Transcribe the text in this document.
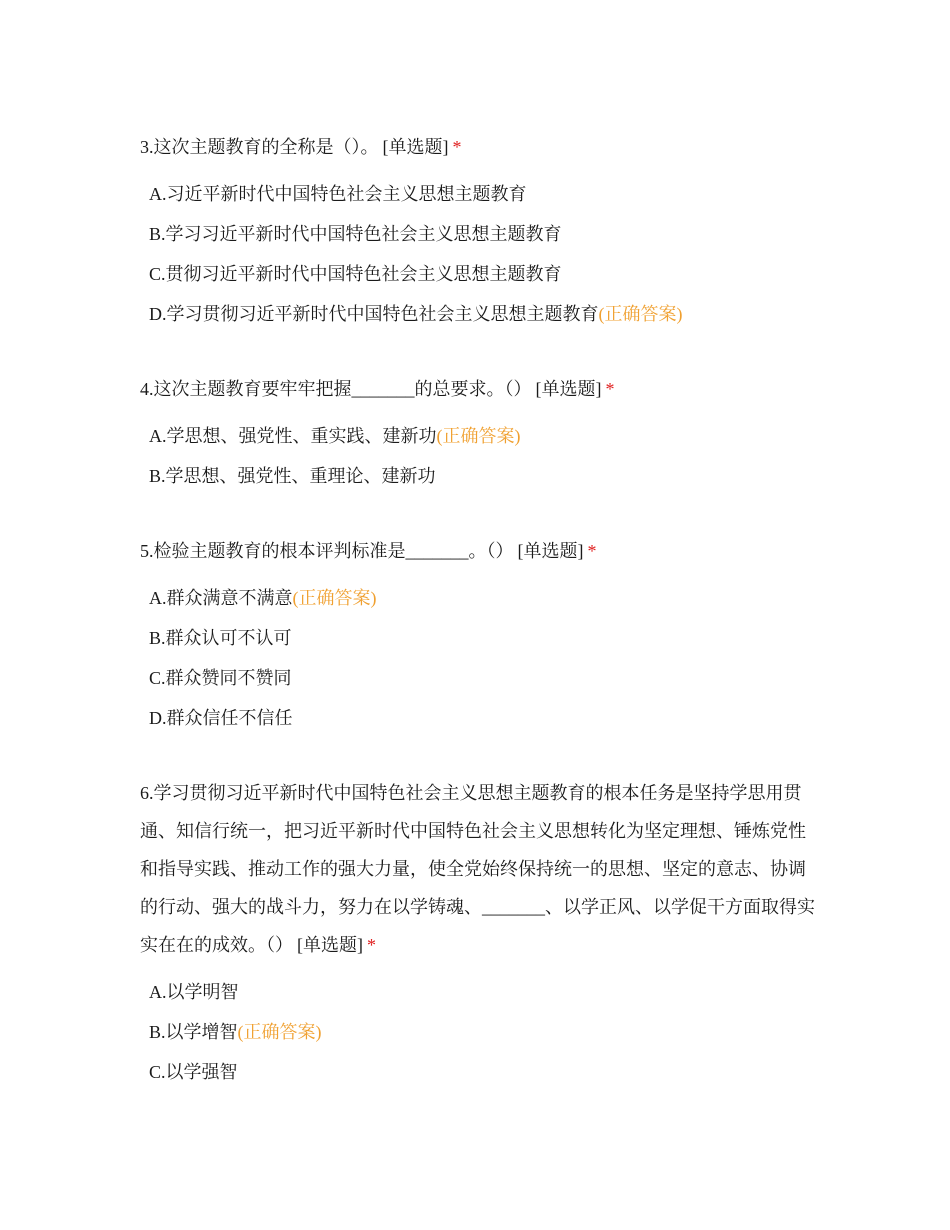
3.这次主题教育的全称是（）。 [单选题] *

A.习近平新时代中国特色社会主义思想主题教育
B.学习习近平新时代中国特色社会主义思想主题教育
C.贯彻习近平新时代中国特色社会主义思想主题教育
D.学习贯彻习近平新时代中国特色社会主义思想主题教育(正确答案)

4.这次主题教育要牢牢把握_______的总要求。（） [单选题] *

A.学思想、强党性、重实践、建新功(正确答案)
B.学思想、强党性、重理论、建新功

5.检验主题教育的根本评判标准是_______。（） [单选题] *

A.群众满意不满意(正确答案)
B.群众认可不认可
C.群众赞同不赞同
D.群众信任不信任

6.学习贯彻习近平新时代中国特色社会主义思想主题教育的根本任务是坚持学思用贯通、知信行统一，把习近平新时代中国特色社会主义思想转化为坚定理想、锤炼党性和指导实践、推动工作的强大力量，使全党始终保持统一的思想、坚定的意志、协调的行动、强大的战斗力，努力在以学铸魂、_______、以学正风、以学促干方面取得实实在在的成效。（） [单选题] *

A.以学明智
B.以学增智(正确答案)
C.以学强智
